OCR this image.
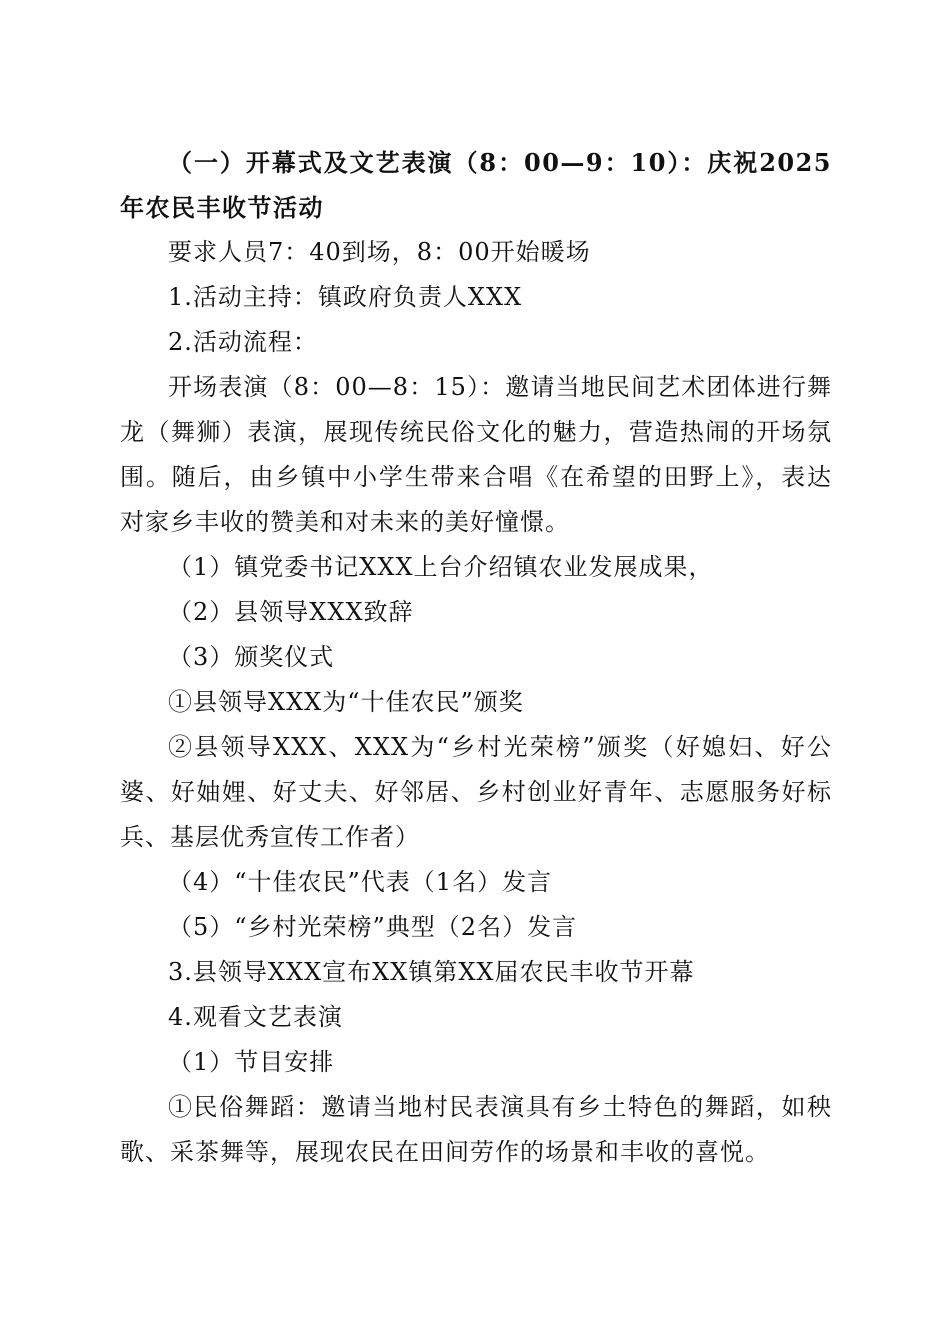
（一）开幕式及文艺表演（8：00—9：10）：庆祝2025年农民丰收节活动

要求人员7：40到场，8：00开始暖场

1.活动主持：镇政府负责人XXX

2.活动流程：

开场表演（8：00—8：15）：邀请当地民间艺术团体进行舞龙（舞狮）表演，展现传统民俗文化的魅力，营造热闹的开场氛围。随后，由乡镇中小学生带来合唱《在希望的田野上》，表达对家乡丰收的赞美和对未来的美好憧憬。

（1）镇党委书记XXX上台介绍镇农业发展成果，

（2）县领导XXX致辞

（3）颁奖仪式

①县领导XXX为“十佳农民”颁奖

②县领导XXX、XXX为“乡村光荣榜”颁奖（好媳妇、好公婆、好妯娌、好丈夫、好邻居、乡村创业好青年、志愿服务好标兵、基层优秀宣传工作者）

（4）“十佳农民”代表（1名）发言

（5）“乡村光荣榜”典型（2名）发言

3.县领导XXX宣布XX镇第XX届农民丰收节开幕

4.观看文艺表演

（1）节目安排

①民俗舞蹈：邀请当地村民表演具有乡土特色的舞蹈，如秧歌、采茶舞等，展现农民在田间劳作的场景和丰收的喜悦。
